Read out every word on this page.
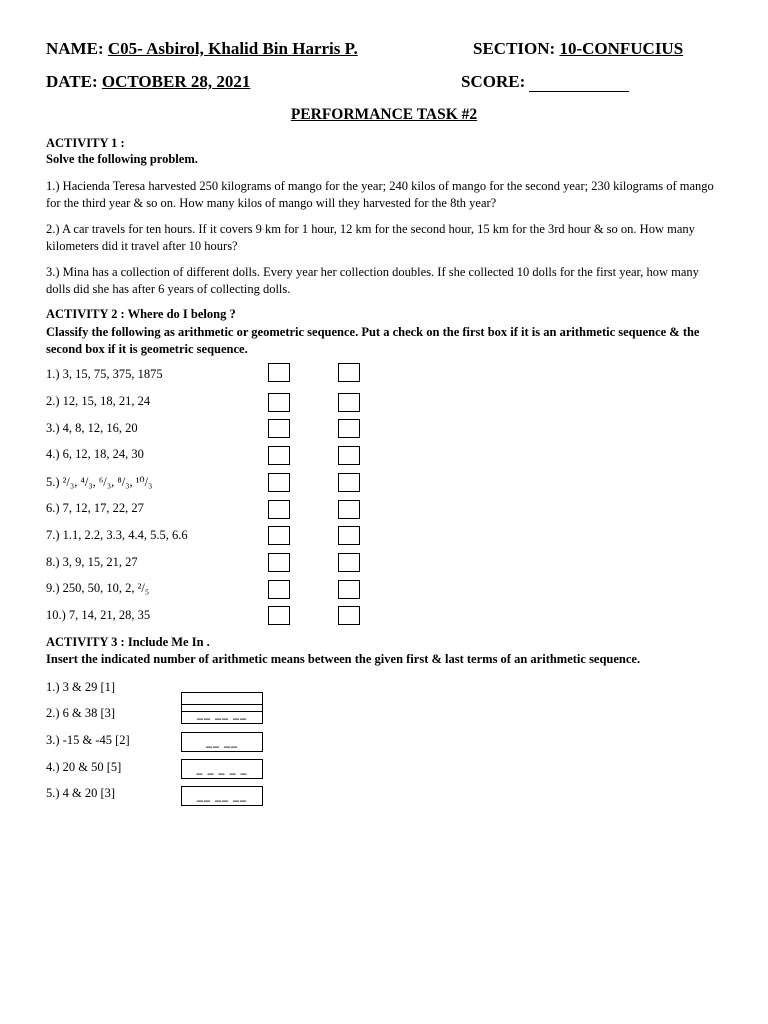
NAME: C05- Asbirol, Khalid Bin Harris P.	SECTION: 10-CONFUCIUS
DATE: OCTOBER 28, 2021	SCORE:
PERFORMANCE TASK #2
ACTIVITY 1 :
Solve the following problem.
1.) Hacienda Teresa harvested 250 kilograms of mango for the year; 240 kilos of mango for the second year; 230 kilograms of mango for the third year & so on. How many kilos of mango will they harvested for the 8th year?
2.) A car travels for ten hours. If it covers 9 km for 1 hour, 12 km for the second hour, 15 km for the 3rd hour & so on. How many kilometers did it travel after 10 hours?
3.) Mina has a collection of different dolls. Every year her collection doubles. If she collected 10 dolls for the first year, how many dolls did she has after 6 years of collecting dolls.
ACTIVITY 2 : Where do I belong ?
Classify the following as arithmetic or geometric sequence. Put a check on the first box if it is an arithmetic sequence & the second box if it is geometric sequence.
1.) 3, 15, 75, 375, 1875
2.) 12, 15, 18, 21, 24
3.) 4, 8, 12, 16, 20
4.) 6, 12, 18, 24, 30
5.) ²/₃, ⁴/₃, ⁶/₃, ⁸/₃, ¹⁰/₃
6.) 7, 12, 17, 22, 27
7.) 1.1, 2.2, 3.3, 4.4, 5.5, 6.6
8.) 3, 9, 15, 21, 27
9.) 250, 50, 10, 2, ²/₅
10.) 7, 14, 21, 28, 35
ACTIVITY 3 : Include Me In .
Insert the indicated number of arithmetic means between the given first & last terms of an arithmetic sequence.
1.) 3 & 29 [1]
2.) 6 & 38 [3]
3.) -15 & -45 [2]
4.) 20 & 50 [5]
5.) 4 & 20 [3]
__ __ __
__ __
_ _ _ _ _
__ __ __
